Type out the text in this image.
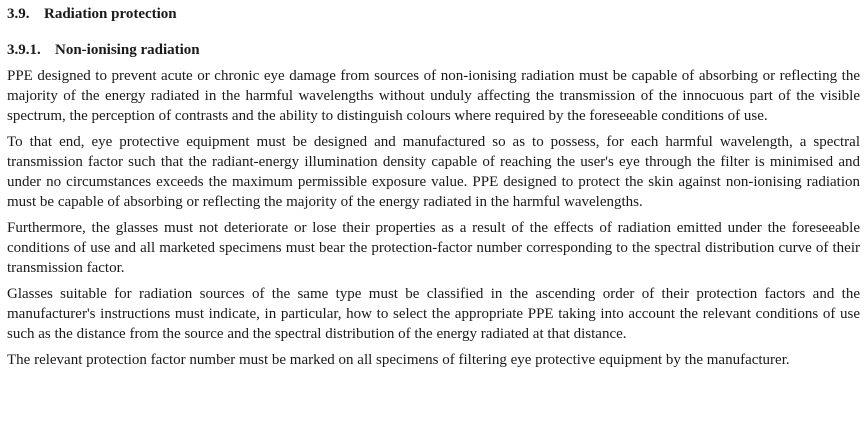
3.9. Radiation protection
3.9.1. Non-ionising radiation

PPE designed to prevent acute or chronic eye damage from sources of non-ionising radiation must be capable of absorbing or reflecting the majority of the energy radiated in the harmful wavelengths without unduly affecting the transmission of the innocuous part of the visible spectrum, the perception of contrasts and the ability to distinguish colours where required by the foreseeable conditions of use.

To that end, eye protective equipment must be designed and manufactured so as to possess, for each harmful wavelength, a spectral transmission factor such that the radiant-energy illumination density capable of reaching the user's eye through the filter is minimised and under no circumstances exceeds the maximum permissible exposure value. PPE designed to protect the skin against non-ionising radiation must be capable of absorbing or reflecting the majority of the energy radiated in the harmful wavelengths.

Furthermore, the glasses must not deteriorate or lose their properties as a result of the effects of radiation emitted under the foreseeable conditions of use and all marketed specimens must bear the protection-factor number corresponding to the spectral distribution curve of their transmission factor.

Glasses suitable for radiation sources of the same type must be classified in the ascending order of their protection factors and the manufacturer's instructions must indicate, in particular, how to select the appropriate PPE taking into account the relevant conditions of use such as the distance from the source and the spectral distribution of the energy radiated at that distance.

The relevant protection factor number must be marked on all specimens of filtering eye protective equipment by the manufacturer.
